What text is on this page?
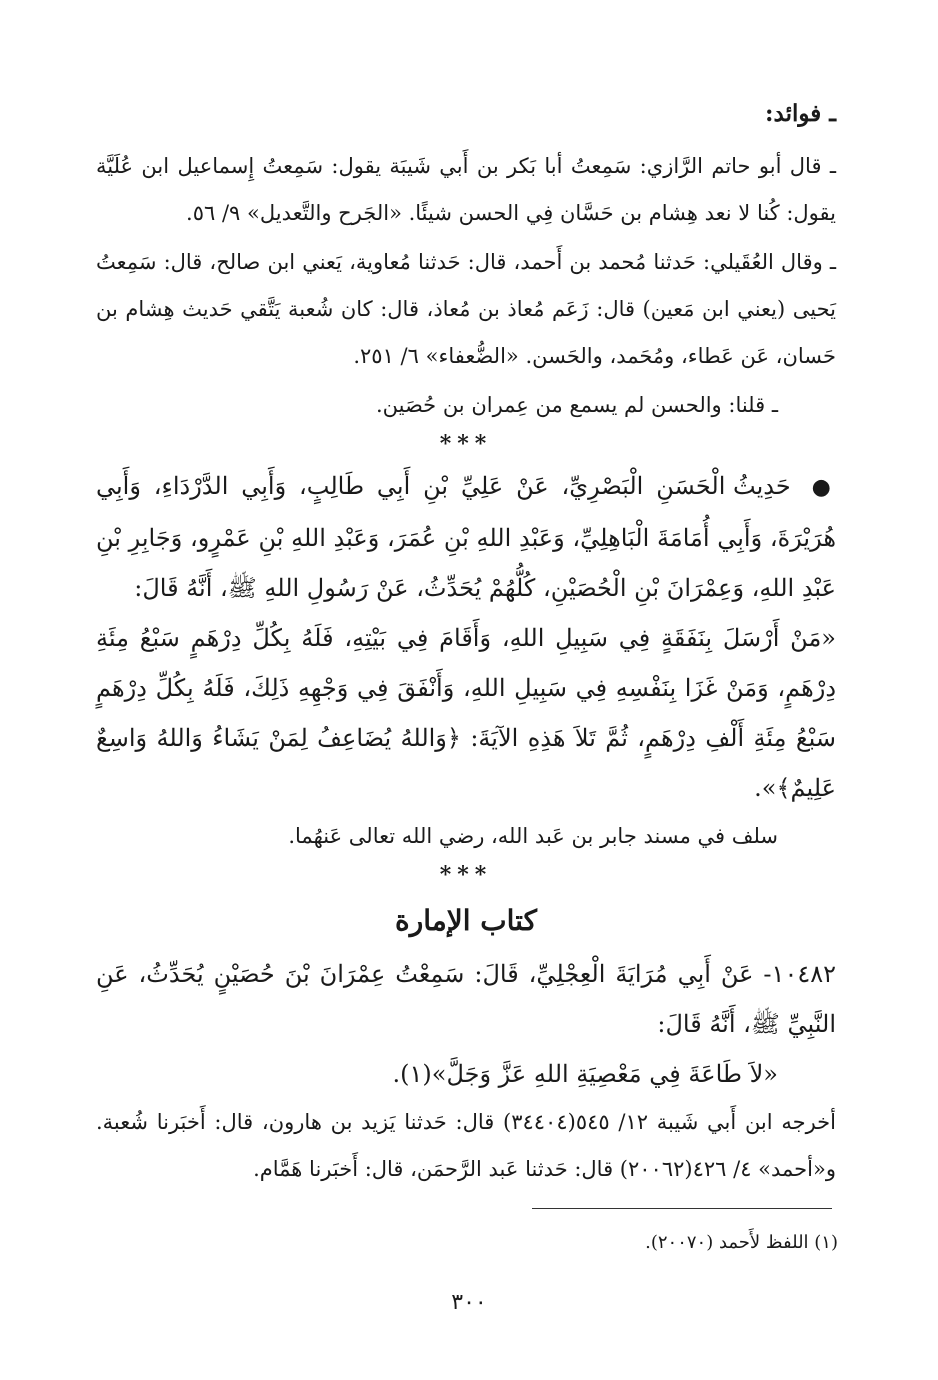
ـ فوائد:

ـ قال أبو حاتم الرَّازي: سَمِعتُ أبا بَكر بن أَبي شَيبَة يقول: سَمِعتُ إِسماعيل ابن عُلَيَّة يقول: كُنا لا نعد هِشام بن حَسَّان فِي الحسن شيئًا. «الجَرح والتَّعديل» ٩/ ٥٦.

ـ وقال العُقَيلي: حَدثنا مُحمد بن أَحمد، قال: حَدثنا مُعاوية، يَعني ابن صالح، قال: سَمِعتُ يَحيى (يعني ابن مَعين) قال: زَعَم مُعاذ بن مُعاذ، قال: كان شُعبة يَتَّقي حَديث هِشام بن حَسان، عَن عَطاء، ومُحَمد، والحَسن. «الضُّعفاء» ٦/ ٢٥١.

ـ قلنا: والحسن لم يسمع من عِمران بن حُصَين.

***

● حَدِيثُ الْحَسَنِ الْبَصْرِيِّ، عَنْ عَلِيِّ بْنِ أَبِي طَالِبٍ، وَأَبِي الدَّرْدَاءِ، وَأَبِي هُرَيْرَةَ، وَأَبِي أُمَامَةَ الْبَاهِلِيِّ، وَعَبْدِ اللهِ بْنِ عُمَرَ، وَعَبْدِ اللهِ بْنِ عَمْرٍو، وَجَابِرِ بْنِ عَبْدِ اللهِ، وَعِمْرَانَ بْنِ الْحُصَيْنِ، كُلُّهُمْ يُحَدِّثُ، عَنْ رَسُولِ اللهِ ﷺ، أَنَّهُ قَالَ:

«مَنْ أَرْسَلَ بِنَفَقَةٍ فِي سَبِيلِ اللهِ، وَأَقَامَ فِي بَيْتِهِ، فَلَهُ بِكُلِّ دِرْهَمٍ سَبْعُ مِئَةِ دِرْهَمٍ، وَمَنْ غَزَا بِنَفْسِهِ فِي سَبِيلِ اللهِ، وَأَنْفَقَ فِي وَجْهِهِ ذَلِكَ، فَلَهُ بِكُلِّ دِرْهَمٍ سَبْعُ مِئَةِ أَلْفِ دِرْهَمٍ، ثُمَّ تَلاَ هَذِهِ الآيَةَ: ﴿وَاللهُ يُضَاعِفُ لِمَنْ يَشَاءُ وَاللهُ وَاسِعٌ عَلِيمٌ﴾».

سلف في مسند جابر بن عَبد الله، رضي الله تعالى عَنهُما.

***
كتاب الإمارة

١٠٤٨٢- عَنْ أَبِي مُرَايَةَ الْعِجْلِيِّ، قَالَ: سَمِعْتُ عِمْرَانَ بْنَ حُصَيْنٍ يُحَدِّثُ، عَنِ النَّبِيِّ ﷺ، أَنَّهُ قَالَ:

«لاَ طَاعَةَ فِي مَعْصِيَةِ اللهِ عَزَّ وَجَلَّ»(١).

أخرجه ابن أَبي شَيبة ١٢/ ٥٤٥(٣٤٤٠٤) قال: حَدثنا يَزيد بن هارون، قال: أَخبَرنا شُعبة. و«أحمد» ٤/ ٤٢٦(٢٠٠٦٢) قال: حَدثنا عَبد الرَّحمَن، قال: أَخبَرنا هَمَّام.

(١) اللفظ لأَحمد (٢٠٠٧٠).
٣٠٠
